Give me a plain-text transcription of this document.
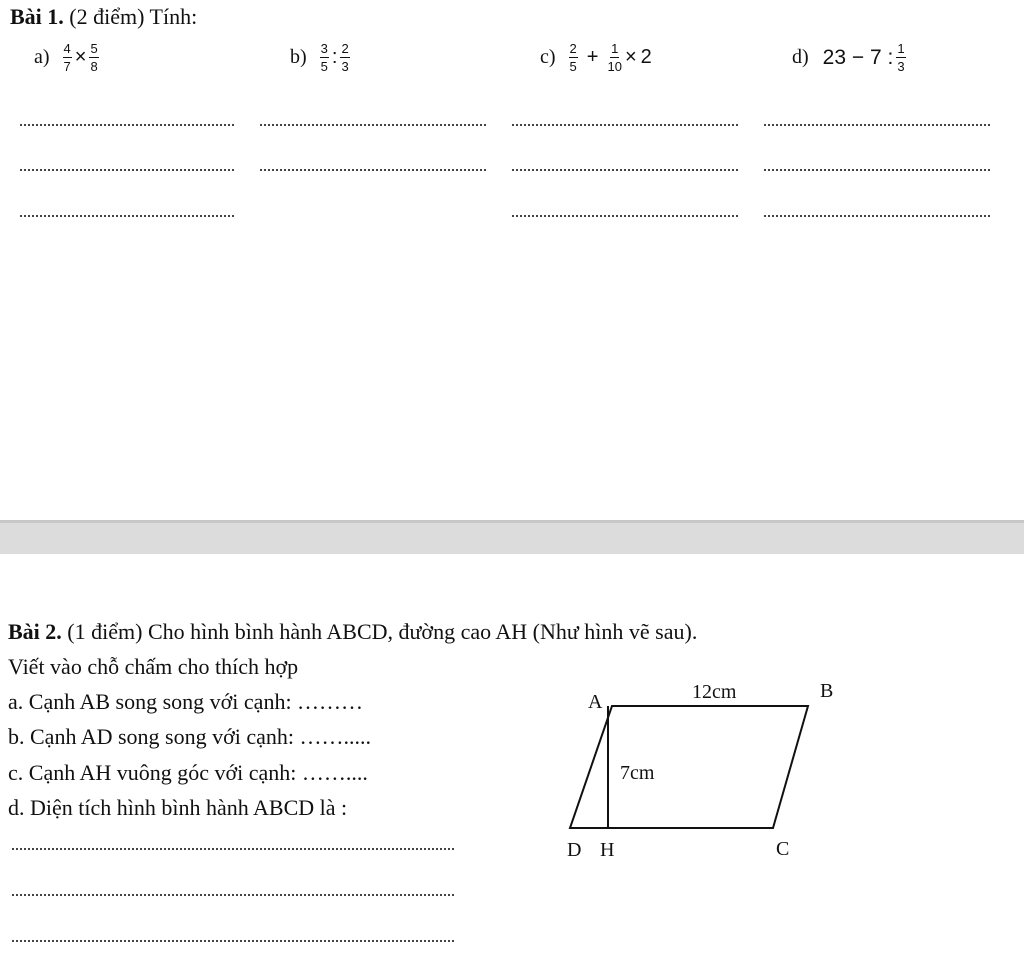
Bài 1. (2 điểm) Tính:
$a) \frac{4}{7} \times \frac{5}{8}$	$b) \frac{3}{5}$ : $\frac{2}{3}$	$c) \frac{2}{5} + \frac{1}{10} \times 2$	d) 23 − 7 : $\frac{1}{3}$
Bài 2. (1 điểm) Cho hình bình hành ABCD, đường cao AH (Như hình vẽ sau).
Viết vào chỗ chấm cho thích hợp
a. Cạnh AB song song với cạnh: ………
b. Cạnh AD song song với cạnh: …….....
c. Cạnh AH vuông góc với cạnh: ……....
d. Diện tích hình bình hành ABCD là :
A	B
C
D H
12cm
7cm
